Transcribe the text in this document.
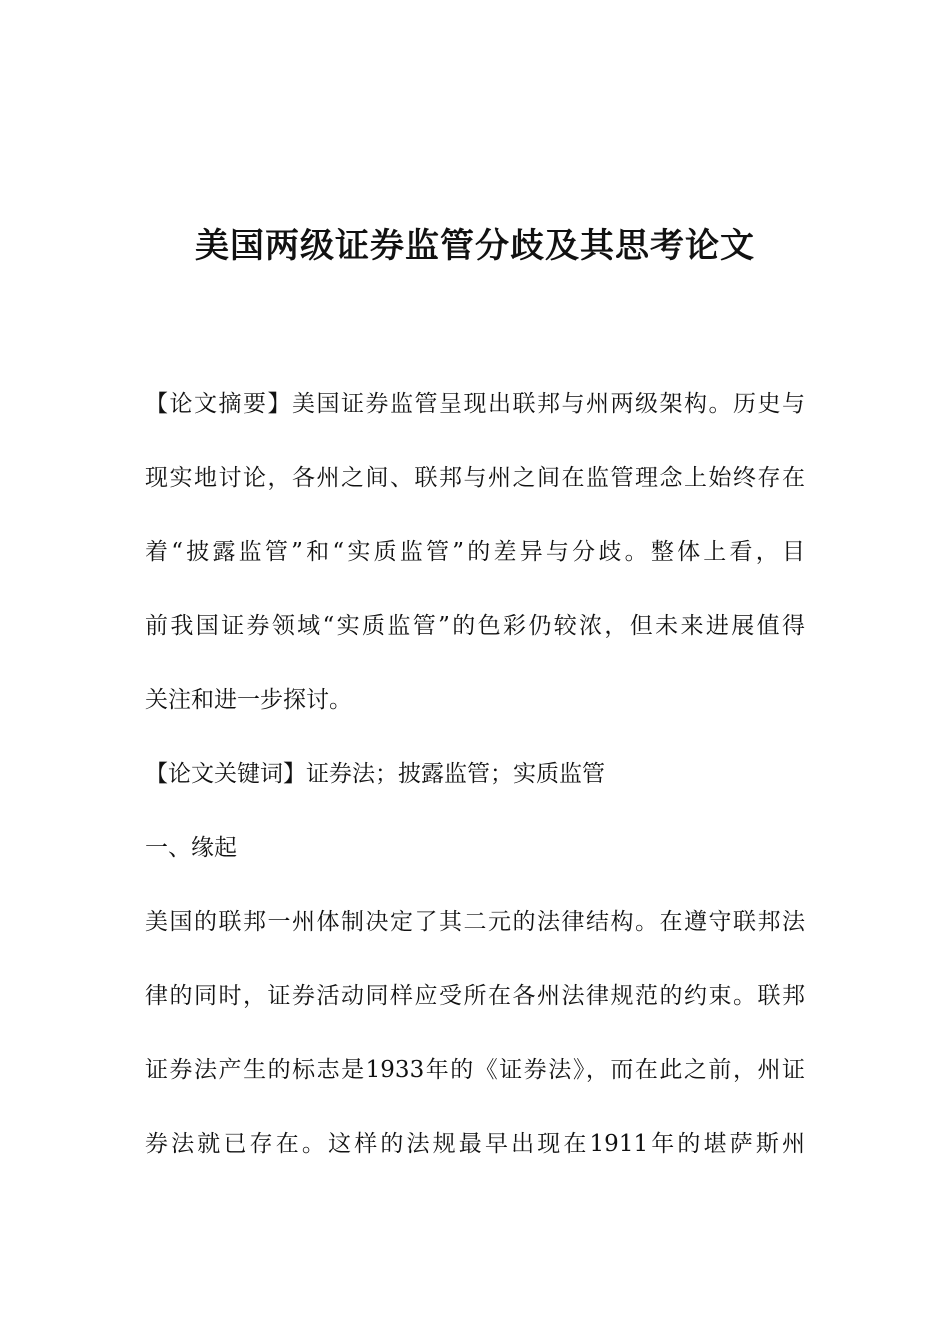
美国两级证券监管分歧及其思考论文

【论文摘要】美国证券监管呈现出联邦与州两级架构。历史与

现实地讨论，各州之间、联邦与州之间在监管理念上始终存在

着“披露监管”和“实质监管”的差异与分歧。整体上看，目

前我国证券领域“实质监管”的色彩仍较浓，但未来进展值得

关注和进一步探讨。

【论文关键词】证券法；披露监管；实质监管

一、缘起

美国的联邦一州体制决定了其二元的法律结构。在遵守联邦法

律的同时，证券活动同样应受所在各州法律规范的约束。联邦

证券法产生的标志是1933年的《证券法》，而在此之前，州证

券法就已存在。这样的法规最早出现在1911年的堪萨斯州
